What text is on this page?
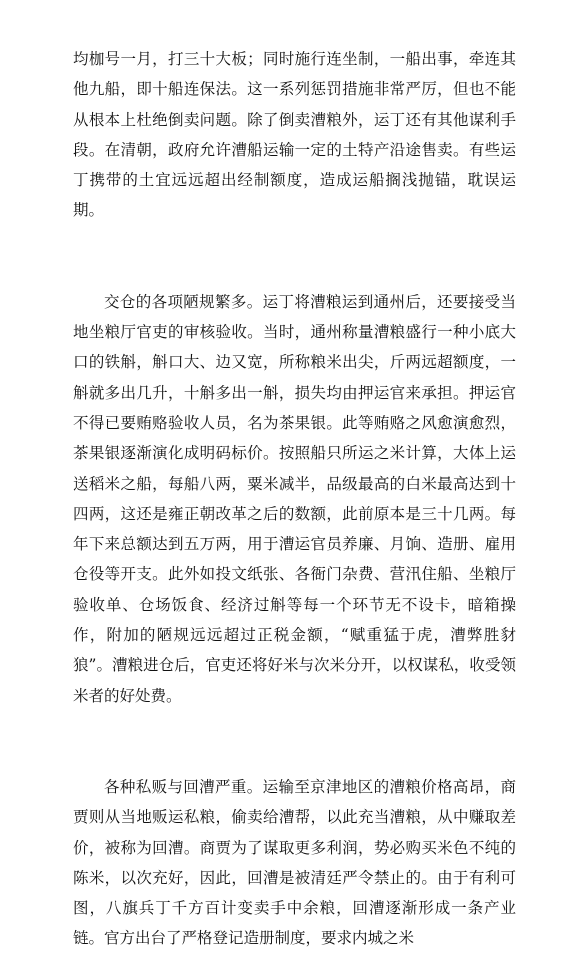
均枷号一月，打三十大板；同时施行连坐制，一船出事，牵连其他九船，即十船连保法。这一系列惩罚措施非常严厉，但也不能从根本上杜绝倒卖问题。除了倒卖漕粮外，运丁还有其他谋利手段。在清朝，政府允许漕船运输一定的土特产沿途售卖。有些运丁携带的土宜远远超出经制额度，造成运船搁浅抛锚，耽误运期。

交仓的各项陋规繁多。运丁将漕粮运到通州后，还要接受当地坐粮厅官吏的审核验收。当时，通州称量漕粮盛行一种小底大口的铁斛，斛口大、边又宽，所称粮米出尖，斤两远超额度，一斛就多出几升，十斛多出一斛，损失均由押运官来承担。押运官不得已要贿赂验收人员，名为茶果银。此等贿赂之风愈演愈烈，茶果银逐渐演化成明码标价。按照船只所运之米计算，大体上运送稻米之船，每船八两，粟米减半，品级最高的白米最高达到十四两，这还是雍正朝改革之后的数额，此前原本是三十几两。每年下来总额达到五万两，用于漕运官员养廉、月饷、造册、雇用仓役等开支。此外如投文纸张、各衙门杂费、营汛住船、坐粮厅验收单、仓场饭食、经济过斛等每一个环节无不设卡，暗箱操作，附加的陋规远远超过正税金额，“赋重猛于虎，漕弊胜豺狼”。漕粮进仓后，官吏还将好米与次米分开，以权谋私，收受领米者的好处费。

各种私贩与回漕严重。运输至京津地区的漕粮价格高昂，商贾则从当地贩运私粮，偷卖给漕帮，以此充当漕粮，从中赚取差价，被称为回漕。商贾为了谋取更多利润，势必购买米色不纯的陈米，以次充好，因此，回漕是被清廷严令禁止的。由于有利可图，八旗兵丁千方百计变卖手中余粮，回漕逐渐形成一条产业链。官方出台了严格登记造册制度，要求内城之米
